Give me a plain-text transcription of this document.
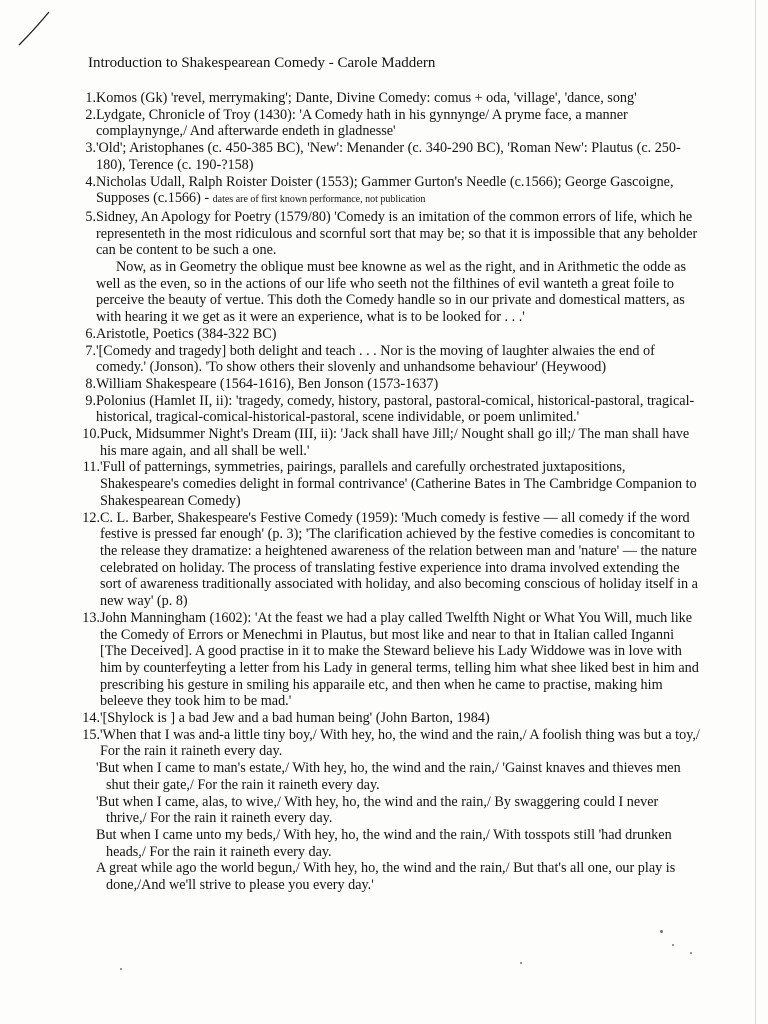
Introduction to Shakespearean Comedy - Carole Maddern
1. Komos (Gk) 'revel, merrymaking'; Dante, Divine Comedy: comus + oda, 'village', 'dance, song'
2. Lydgate, Chronicle of Troy (1430): 'A Comedy hath in his gynnynge/ A pryme face, a manner complaynynge,/ And afterwarde endeth in gladnesse'
3. 'Old'; Aristophanes (c. 450-385 BC), 'New': Menander (c. 340-290 BC), 'Roman New': Plautus (c. 250-180), Terence (c. 190-?158)
4. Nicholas Udall, Ralph Roister Doister (1553); Gammer Gurton's Needle (c.1566); George Gascoigne, Supposes (c.1566) - dates are of first known performance, not publication
5. Sidney, An Apology for Poetry (1579/80) 'Comedy is an imitation of the common errors of life, which he representeth in the most ridiculous and scornful sort that may be; so that it is impossible that any beholder can be content to be such a one.
Now, as in Geometry the oblique must bee knowne as wel as the right, and in Arithmetic the odde as well as the even, so in the actions of our life who seeth not the filthines of evil wanteth a great foile to perceive the beauty of vertue. This doth the Comedy handle so in our private and domestical matters, as with hearing it we get as it were an experience, what is to be looked for . . .'
6. Aristotle, Poetics (384-322 BC)
7. '[Comedy and tragedy] both delight and teach . . . Nor is the moving of laughter alwaies the end of comedy.' (Jonson). 'To show others their slovenly and unhandsome behaviour' (Heywood)
8. William Shakespeare (1564-1616), Ben Jonson (1573-1637)
9. Polonius (Hamlet II, ii): 'tragedy, comedy, history, pastoral, pastoral-comical, historical-pastoral, tragical-historical, tragical-comical-historical-pastoral, scene individable, or poem unlimited.'
10. Puck, Midsummer Night's Dream (III, ii): 'Jack shall have Jill;/ Nought shall go ill;/ The man shall have his mare again, and all shall be well.'
11. 'Full of patternings, symmetries, pairings, parallels and carefully orchestrated juxtapositions, Shakespeare's comedies delight in formal contrivance' (Catherine Bates in The Cambridge Companion to Shakespearean Comedy)
12. C. L. Barber, Shakespeare's Festive Comedy (1959): 'Much comedy is festive — all comedy if the word festive is pressed far enough' (p. 3); 'The clarification achieved by the festive comedies is concomitant to the release they dramatize: a heightened awareness of the relation between man and 'nature' — the nature celebrated on holiday. The process of translating festive experience into drama involved extending the sort of awareness traditionally associated with holiday, and also becoming conscious of holiday itself in a new way' (p. 8)
13. John Manningham (1602): 'At the feast we had a play called Twelfth Night or What You Will, much like the Comedy of Errors or Menechmi in Plautus, but most like and near to that in Italian called Inganni [The Deceived]. A good practise in it to make the Steward believe his Lady Widdowe was in love with him by counterfeyting a letter from his Lady in general terms, telling him what shee liked best in him and prescribing his gesture in smiling his apparaile etc, and then when he came to practise, making him beleeve they took him to be mad.'
14. '[Shylock is ] a bad Jew and a bad human being' (John Barton, 1984)
15. 'When that I was and-a little tiny boy,/ With hey, ho, the wind and the rain,/ A foolish thing was but a toy,/ For the rain it raineth every day.
'But when I came to man's estate,/ With hey, ho, the wind and the rain,/ 'Gainst knaves and thieves men shut their gate,/ For the rain it raineth every day.
'But when I came, alas, to wive,/ With hey, ho, the wind and the rain,/ By swaggering could I never thrive,/ For the rain it raineth every day.
But when I came unto my beds,/ With hey, ho, the wind and the rain,/ With tosspots still 'had drunken heads,/ For the rain it raineth every day.
A great while ago the world begun,/ With hey, ho, the wind and the rain,/ But that's all one, our play is done,/And we'll strive to please you every day.'
